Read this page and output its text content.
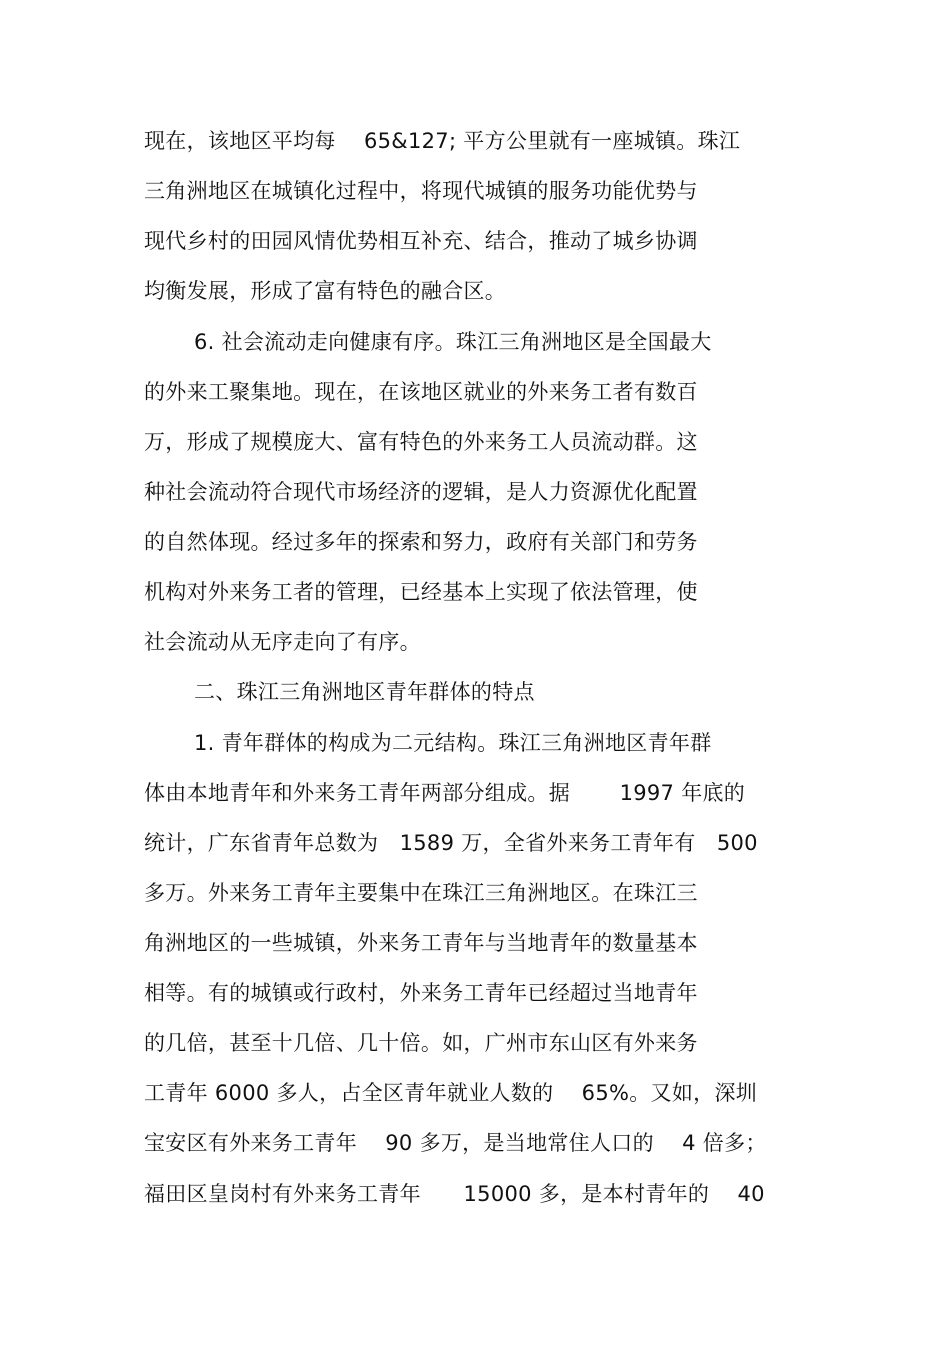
现在，该地区平均每　 65&127; 平方公里就有一座城镇。珠江
三角洲地区在城镇化过程中，将现代城镇的服务功能优势与
现代乡村的田园风情优势相互补充、结合，推动了城乡协调
均衡发展，形成了富有特色的融合区。
6. 社会流动走向健康有序。珠江三角洲地区是全国最大
的外来工聚集地。现在，在该地区就业的外来务工者有数百
万，形成了规模庞大、富有特色的外来务工人员流动群。这
种社会流动符合现代市场经济的逻辑，是人力资源优化配置
的自然体现。经过多年的探索和努力，政府有关部门和劳务
机构对外来务工者的管理，已经基本上实现了依法管理，使
社会流动从无序走向了有序。
二、珠江三角洲地区青年群体的特点
1. 青年群体的构成为二元结构。珠江三角洲地区青年群
体由本地青年和外来务工青年两部分组成。据　　 1997 年底的
统计，广东省青年总数为　1589 万，全省外来务工青年有　500
多万。外来务工青年主要集中在珠江三角洲地区。在珠江三
角洲地区的一些城镇，外来务工青年与当地青年的数量基本
相等。有的城镇或行政村，外来务工青年已经超过当地青年
的几倍，甚至十几倍、几十倍。如，广州市东山区有外来务
工青年 6000 多人，占全区青年就业人数的　 65%。又如，深圳
宝安区有外来务工青年　 90 多万，是当地常住人口的　 4 倍多；
福田区皇岗村有外来务工青年　　15000 多，是本村青年的　 40
